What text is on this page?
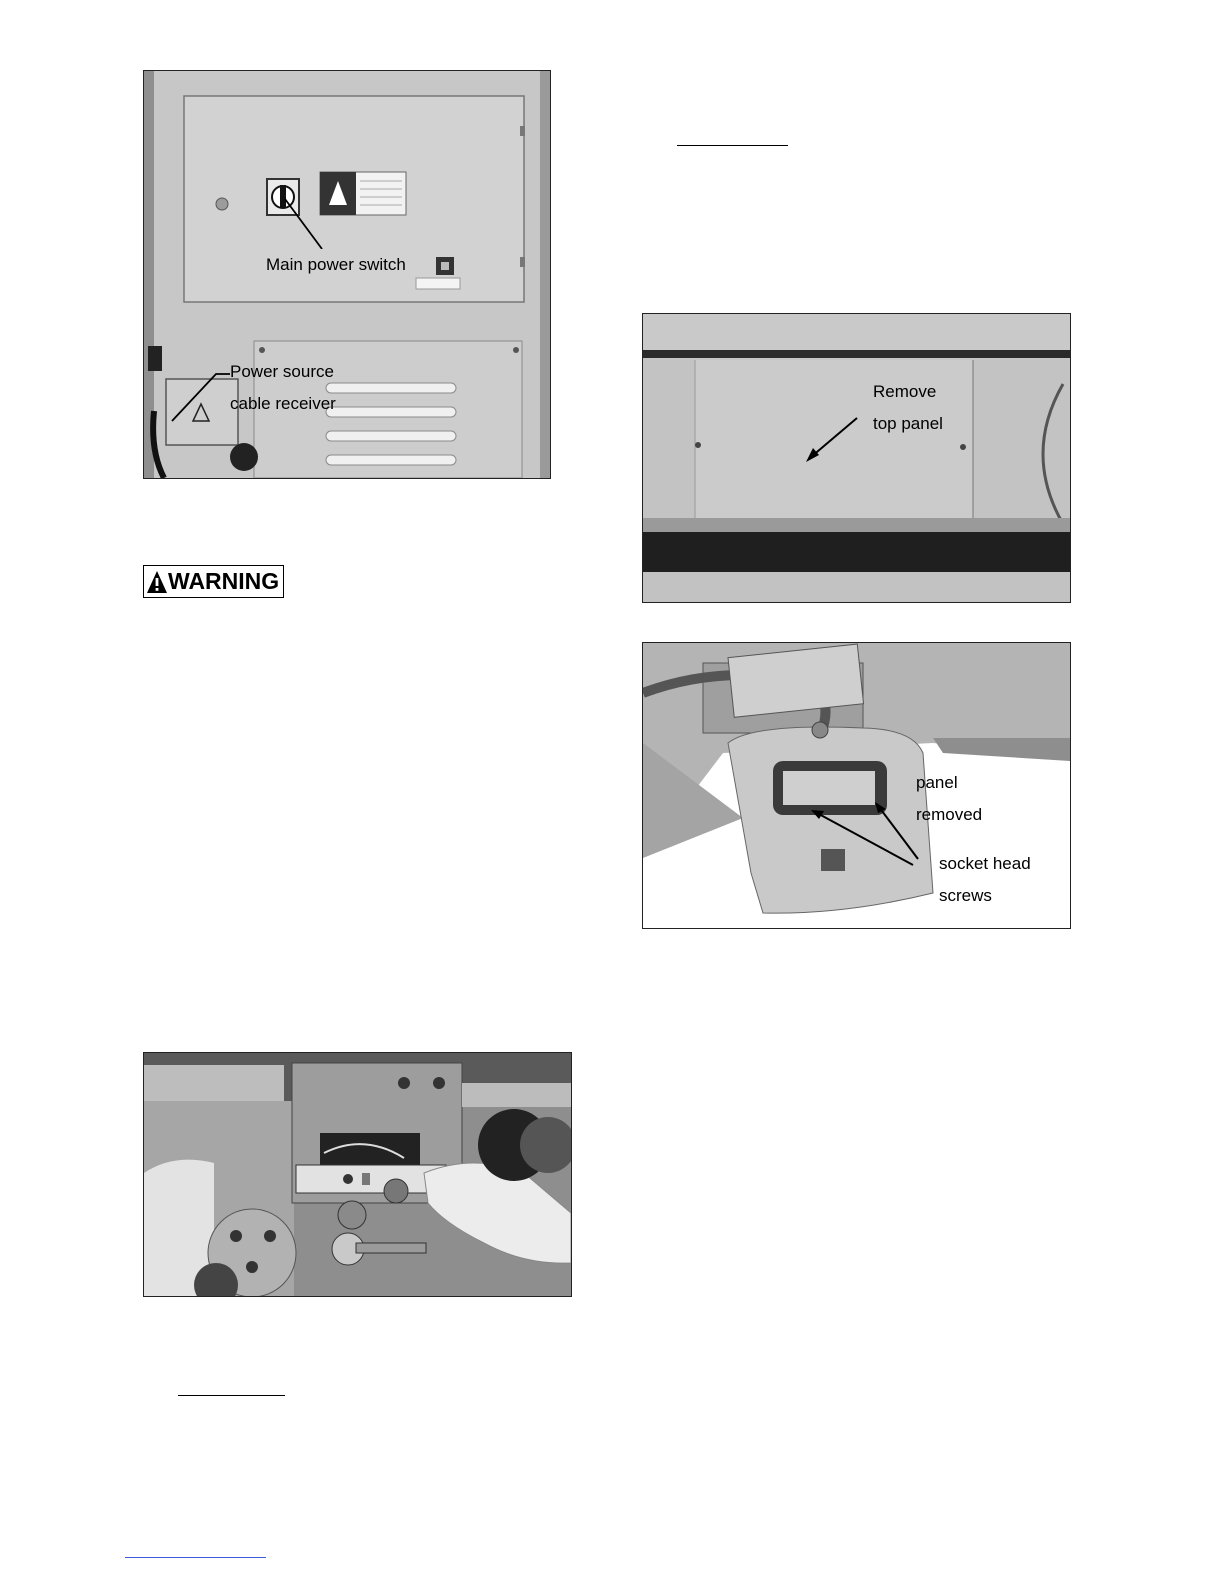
Main power switch
Power source
cable receiver
WARNING
Remove
top panel
panel
removed
socket head
screws
